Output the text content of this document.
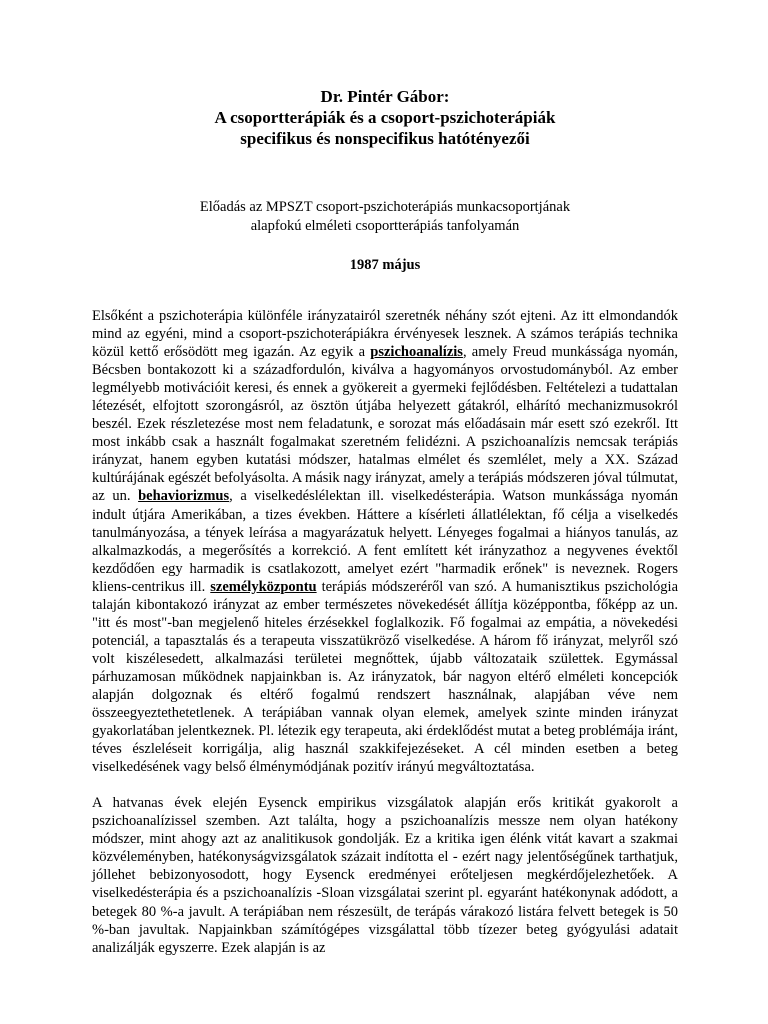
Dr. Pintér Gábor:
A csoportterápiák és a csoport-pszichoterápiák
specifikus és nonspecifikus hatótényezői
Előadás az MPSZT csoport-pszichoterápiás munkacsoportjának
alapfokú elméleti csoportterápiás tanfolyamán
1987 május

Elsőként a pszichoterápia különféle irányzatairól szeretnék néhány szót ejteni. Az itt elmondandók mind az egyéni, mind a csoport-pszichoterápiákra érvényesek lesznek. A számos terápiás technika közül kettő erősödött meg igazán. Az egyik a pszichoanalízis, amely Freud munkássága nyomán, Bécsben bontakozott ki a századfordulón, kiválva a hagyományos orvostudományból. Az ember legmélyebb motivációit keresi, és ennek a gyökereit a gyermeki fejlődésben. Feltételezi a tudattalan létezését, elfojtott szorongásról, az ösztön útjába helyezett gátakról, elhárító mechanizmusokról beszél. Ezek részletezése most nem feladatunk, e sorozat más előadásain már esett szó ezekről. Itt most inkább csak a használt fogalmakat szeretném felidézni. A pszichoanalízis nemcsak terápiás irányzat, hanem egyben kutatási módszer, hatalmas elmélet és szemlélet, mely a XX. Század kultúrájának egészét befolyásolta. A másik nagy irányzat, amely a terápiás módszeren jóval túlmutat, az un. behaviorizmus, a viselkedéslélektan ill. viselkedésterápia. Watson munkássága nyomán indult útjára Amerikában, a tizes években. Háttere a kísérleti állatlélektan, fő célja a viselkedés tanulmányozása, a tények leírása a magyarázatuk helyett. Lényeges fogalmai a hiányos tanulás, az alkalmazkodás, a megerősítés a korrekció. A fent említett két irányzathoz a negyvenes évektől kezdődően egy harmadik is csatlakozott, amelyet ezért "harmadik erőnek" is neveznek. Rogers kliens-centrikus ill. személyközpontu terápiás módszeréről van szó. A humanisztikus pszichológia talaján kibontakozó irányzat az ember természetes növekedését állítja középpontba, főképp az un. "itt és most"-ban megjelenő hiteles érzésekkel foglalkozik. Fő fogalmai az empátia, a növekedési potenciál, a tapasztalás és a terapeuta visszatükröző viselkedése. A három fő irányzat, melyről szó volt kiszélesedett, alkalmazási területei megnőttek, újabb változataik születtek. Egymással párhuzamosan működnek napjainkban is. Az irányzatok, bár nagyon eltérő elméleti koncepciók alapján dolgoznak és eltérő fogalmú rendszert használnak, alapjában véve nem összeegyeztethetetlenek. A terápiában vannak olyan elemek, amelyek szinte minden irányzat gyakorlatában jelentkeznek. Pl. létezik egy terapeuta, aki érdeklődést mutat a beteg problémája iránt, téves észleléseit korrigálja, alig használ szakkifejezéseket. A cél minden esetben a beteg viselkedésének vagy belső élménymódjának pozitív irányú megváltoztatása.

A hatvanas évek elején Eysenck empirikus vizsgálatok alapján erős kritikát gyakorolt a pszichoanalízissel szemben. Azt találta, hogy a pszichoanalízis messze nem olyan hatékony módszer, mint ahogy azt az analitikusok gondolják. Ez a kritika igen élénk vitát kavart a szakmai közvéleményben, hatékonyságvizsgálatok százait indította el - ezért nagy jelentőségűnek tarthatjuk, jóllehet bebizonyosodott, hogy Eysenck eredményei erőteljesen megkérdőjelezhetőek. A viselkedésterápia és a pszichoanalízis -Sloan vizsgálatai szerint pl. egyaránt hatékonynak adódott, a betegek 80 %-a javult. A terápiában nem részesült, de terápás várakozó listára felvett betegek is 50 %-ban javultak. Napjainkban számítógépes vizsgálattal több tízezer beteg gyógyulási adatait analizálják egyszerre. Ezek alapján is az
